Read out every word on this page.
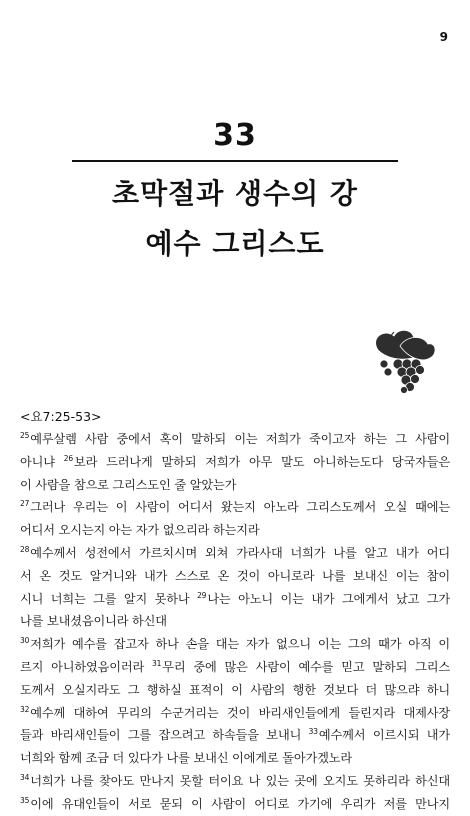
9
33
초막절과 생수의 강
예수 그리스도
<요7:25-53>
$^{25}$예루살렘 사람 중에서 혹이 말하되 이는 저희가 죽이고자 하는 그 사람이
아니냐 $^{26}$보라 드러나게 말하되 저희가 아무 말도 아니하는도다 당국자들은
이 사람을 참으로 그리스도인 줄 알았는가
$^{27}$그러나 우리는 이 사람이 어디서 왔는지 아노라 그리스도께서 오실 때에는
어디서 오시는지 아는 자가 없으리라 하는지라
$^{28}$예수께서 성전에서 가르치시며 외쳐 가라사대 너희가 나를 알고 내가 어디
서 온 것도 알거니와 내가 스스로 온 것이 아니로라 나를 보내신 이는 참이
시니 너희는 그를 알지 못하나 $^{29}$나는 아노니 이는 내가 그에게서 났고 그가
나를 보내셨음이니라 하신대
$^{30}$저희가 예수를 잡고자 하나 손을 대는 자가 없으니 이는 그의 때가 아직 이
르지 아니하였음이러라 $^{31}$무리 중에 많은 사람이 예수를 믿고 말하되 그리스
도께서 오실지라도 그 행하실 표적이 이 사람의 행한 것보다 더 많으랴 하니
$^{32}$예수께 대하여 무리의 수군거리는 것이 바리새인들에게 들린지라 대제사장
들과 바리새인들이 그를 잡으려고 하속들을 보내니 $^{33}$예수께서 이르시되 내가
너희와 함께 조금 더 있다가 나를 보내신 이에게로 돌아가겠노라
$^{34}$너희가 나를 찾아도 만나지 못할 터이요 나 있는 곳에 오지도 못하리라 하신대
$^{35}$이에 유대인들이 서로 묻되 이 사람이 어디로 가기에 우리가 저를 만나지
